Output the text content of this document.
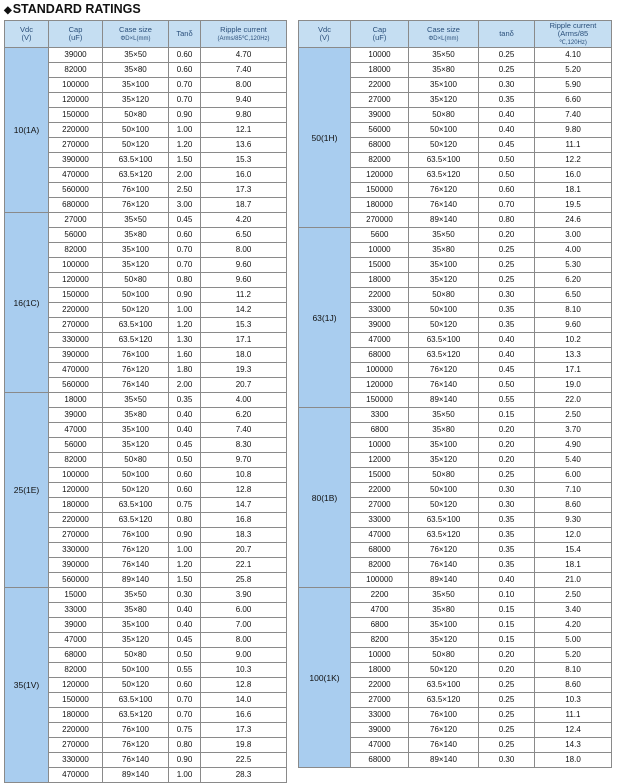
◆STANDARD RATINGS
Vdc
(V)	Cap
(uF)	Case size
ΦD×L(mm)	Tanδ	Ripple current
(Arms/85℃,120Hz)
10(1A)	39000	35×50	0.60	4.70
	82000	35×80	0.60	7.40
	100000	35×100	0.70	8.00
	120000	35×120	0.70	9.40
	150000	50×80	0.90	9.80
	220000	50×100	1.00	12.1
	270000	50×120	1.20	13.6
	390000	63.5×100	1.50	15.3
	470000	63.5×120	2.00	16.0
	560000	76×100	2.50	17.3
	680000	76×120	3.00	18.7
16(1C)	27000	35×50	0.45	4.20
	56000	35×80	0.60	6.50
	82000	35×100	0.70	8.00
	100000	35×120	0.70	9.60
	120000	50×80	0.80	9.60
	150000	50×100	0.90	11.2
	220000	50×120	1.00	14.2
	270000	63.5×100	1.20	15.3
	330000	63.5×120	1.30	17.1
	390000	76×100	1.60	18.0
	470000	76×120	1.80	19.3
	560000	76×140	2.00	20.7
25(1E)	18000	35×50	0.35	4.00
	39000	35×80	0.40	6.20
	47000	35×100	0.40	7.40
	56000	35×120	0.45	8.30
	82000	50×80	0.50	9.70
	100000	50×100	0.60	10.8
	120000	50×120	0.60	12.8
	180000	63.5×100	0.75	14.7
	220000	63.5×120	0.80	16.8
	270000	76×100	0.90	18.3
	330000	76×120	1.00	20.7
	390000	76×140	1.20	22.1
	560000	89×140	1.50	25.8
35(1V)	15000	35×50	0.30	3.90
	33000	35×80	0.40	6.00
	39000	35×100	0.40	7.00
	47000	35×120	0.45	8.00
	68000	50×80	0.50	9.00
	82000	50×100	0.55	10.3
	120000	50×120	0.60	12.8
	150000	63.5×100	0.70	14.0
	180000	63.5×120	0.70	16.6
	220000	76×100	0.75	17.3
	270000	76×120	0.80	19.8
	330000	76×140	0.90	22.5
	470000	89×140	1.00	28.3
Vdc
(V)	Cap
(uF)	Case size
ΦD×L(mm)	tanδ	Ripple current
(Arms/85
℃,120Hz)
50(1H)	10000	35×50	0.25	4.10
	18000	35×80	0.25	5.20
	22000	35×100	0.30	5.90
	27000	35×120	0.35	6.60
	39000	50×80	0.40	7.40
	56000	50×100	0.40	9.80
	68000	50×120	0.45	11.1
	82000	63.5×100	0.50	12.2
	120000	63.5×120	0.50	16.0
	150000	76×120	0.60	18.1
	180000	76×140	0.70	19.5
	270000	89×140	0.80	24.6
63(1J)	5600	35×50	0.20	3.00
	10000	35×80	0.25	4.00
	15000	35×100	0.25	5.30
	18000	35×120	0.25	6.20
	22000	50×80	0.30	6.50
	33000	50×100	0.35	8.10
	39000	50×120	0.35	9.60
	47000	63.5×100	0.40	10.2
	68000	63.5×120	0.40	13.3
	100000	76×120	0.45	17.1
	120000	76×140	0.50	19.0
	150000	89×140	0.55	22.0
80(1B)	3300	35×50	0.15	2.50
	6800	35×80	0.20	3.70
	10000	35×100	0.20	4.90
	12000	35×120	0.20	5.40
	15000	50×80	0.25	6.00
	22000	50×100	0.30	7.10
	27000	50×120	0.30	8.60
	33000	63.5×100	0.35	9.30
	47000	63.5×120	0.35	12.0
	68000	76×120	0.35	15.4
	82000	76×140	0.35	18.1
	100000	89×140	0.40	21.0
100(1K)	2200	35×50	0.10	2.50
	4700	35×80	0.15	3.40
	6800	35×100	0.15	4.20
	8200	35×120	0.15	5.00
	10000	50×80	0.20	5.20
	18000	50×120	0.20	8.10
	22000	63.5×100	0.25	8.60
	27000	63.5×120	0.25	10.3
	33000	76×100	0.25	11.1
	39000	76×120	0.25	12.4
	47000	76×140	0.25	14.3
	68000	89×140	0.30	18.0
